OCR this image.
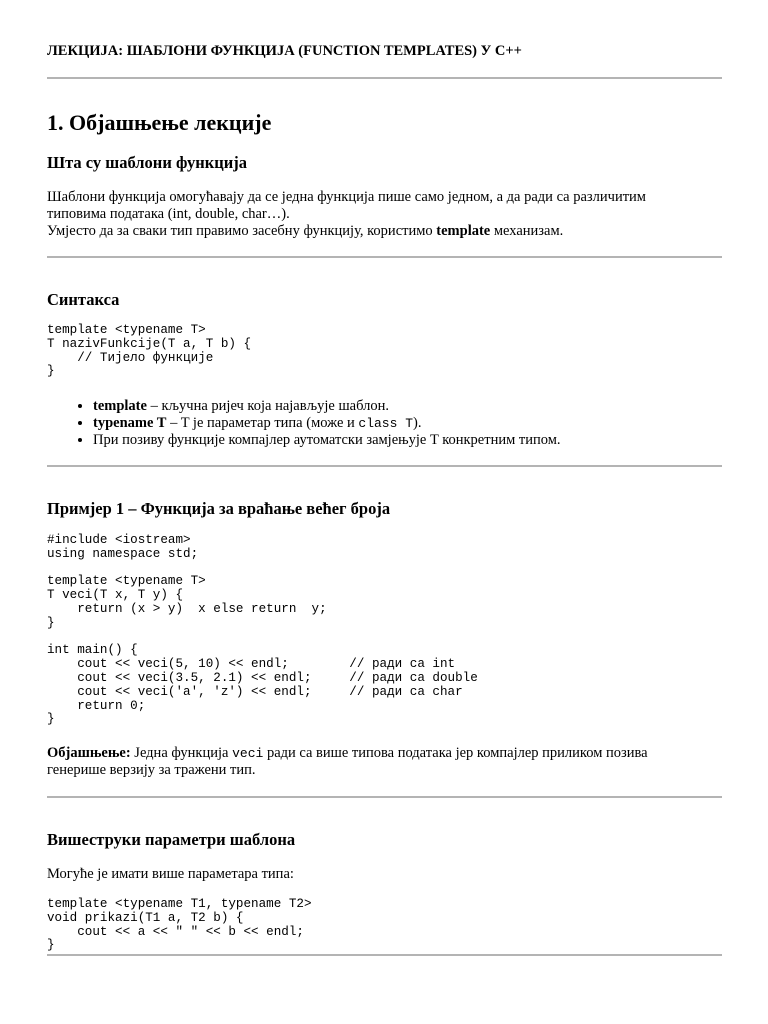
ЛЕКЦИЈА: ШАБЛОНИ ФУНКЦИЈА (FUNCTION TEMPLATES) У C++
1. Објашњење лекције
Шта су шаблони функција
Шаблони функција омогућавају да се једна функција пише само једном, а да ради са различитим
типовима података (int, double, char…).
Умјесто да за сваки тип правимо засебну функцију, користимо template механизам.
Синтакса
template <typename T>
T nazivFunkcije(T a, T b) {
// Тијело функције
}
• template – кључна ријеч која најављује шаблон.
• typename T – T је параметар типа (може и class T).
• При позиву функције компајлер аутоматски замјењује T конкретним типом.
Примјер 1 – Функција за враћање већег броја
#include <iostream>
using namespace std;

template <typename T>
T veci(T x, T y) {
return (x > y)  x else return  y;
}

int main() {
cout << veci(5, 10) << endl;        // ради са int
cout << veci(3.5, 2.1) << endl;     // ради са double
cout << veci('a', 'z') << endl;     // ради са char
return 0;
}
Објашњење: Једна функција veci ради са више типова података јер компајлер приликом позива
генерише верзију за тражени тип.
Вишеструки параметри шаблона
Могуће је имати више параметара типа:
template <typename T1, typename T2>
void prikazi(T1 a, T2 b) {
cout << a << " " << b << endl;
}
